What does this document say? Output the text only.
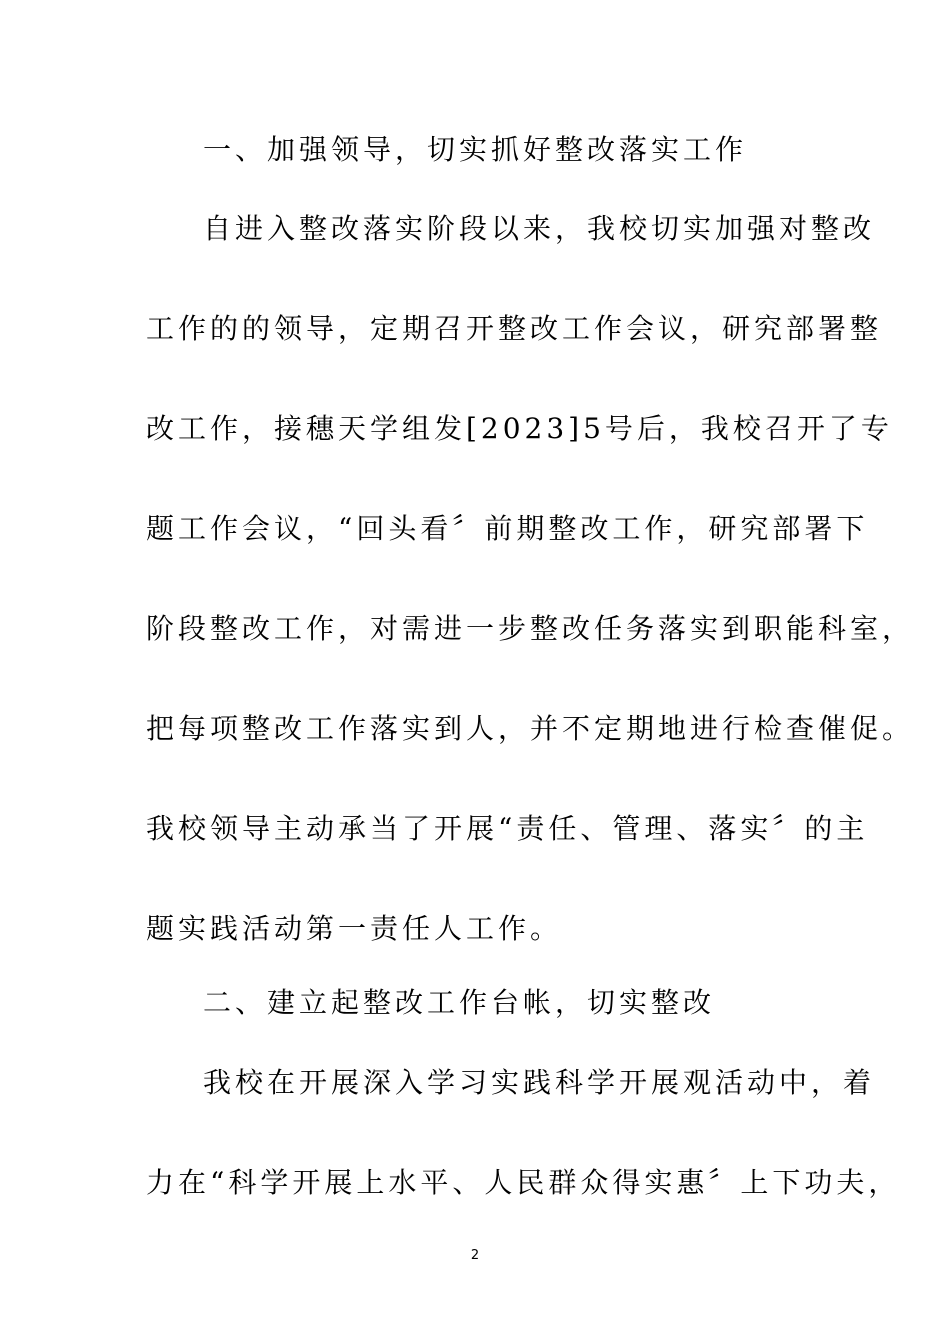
一、加强领导，切实抓好整改落实工作
自进入整改落实阶段以来，我校切实加强对整改
工作的的领导，定期召开整改工作会议，研究部署整
改工作，接穗天学组发[2023]5号后，我校召开了专
题工作会议，“回头看〞前期整改工作，研究部署下
阶段整改工作，对需进一步整改任务落实到职能科室，
把每项整改工作落实到人，并不定期地进行检查催促。
我校领导主动承当了开展“责任、管理、落实〞的主
题实践活动第一责任人工作。
二、建立起整改工作台帐，切实整改
我校在开展深入学习实践科学开展观活动中，着
力在“科学开展上水平、人民群众得实惠〞上下功夫，
2
